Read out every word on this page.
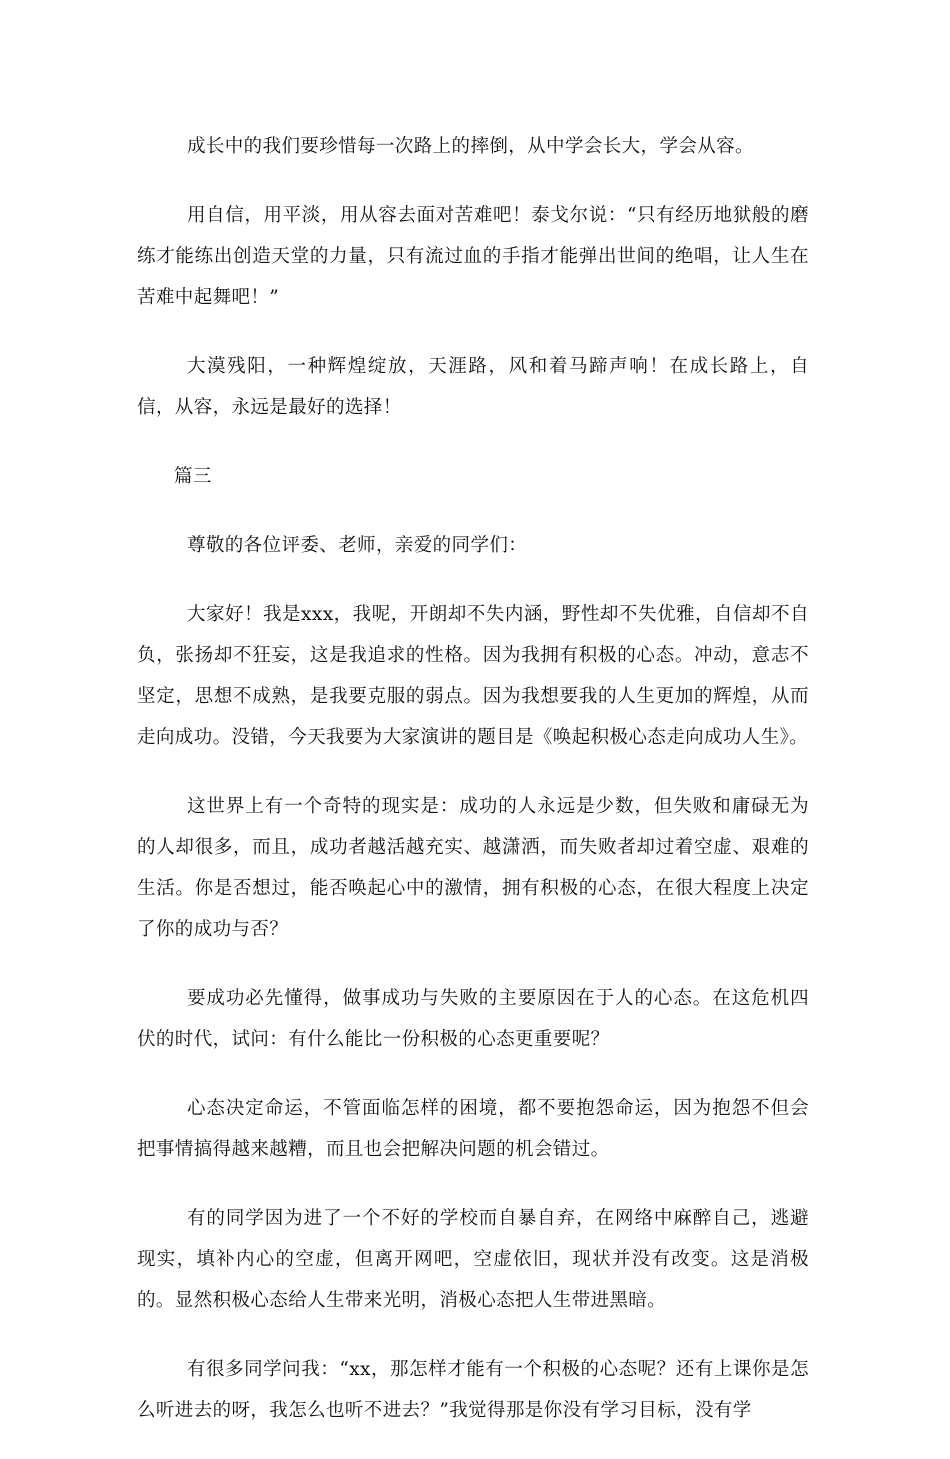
成长中的我们要珍惜每一次路上的摔倒，从中学会长大，学会从容。

用自信，用平淡，用从容去面对苦难吧！泰戈尔说：“只有经历地狱般的磨练才能练出创造天堂的力量，只有流过血的手指才能弹出世间的绝唱，让人生在苦难中起舞吧！”

大漠残阳，一种辉煌绽放，天涯路，风和着马蹄声响！在成长路上，自信，从容，永远是最好的选择！

篇三

尊敬的各位评委、老师，亲爱的同学们：

大家好！我是xxx，我呢，开朗却不失内涵，野性却不失优雅，自信却不自负，张扬却不狂妄，这是我追求的性格。因为我拥有积极的心态。冲动，意志不坚定，思想不成熟，是我要克服的弱点。因为我想要我的人生更加的辉煌，从而走向成功。没错，今天我要为大家演讲的题目是《唤起积极心态走向成功人生》。

这世界上有一个奇特的现实是：成功的人永远是少数，但失败和庸碌无为的人却很多，而且，成功者越活越充实、越潇洒，而失败者却过着空虚、艰难的生活。你是否想过，能否唤起心中的激情，拥有积极的心态，在很大程度上决定了你的成功与否？

要成功必先懂得，做事成功与失败的主要原因在于人的心态。在这危机四伏的时代，试问：有什么能比一份积极的心态更重要呢？

心态决定命运，不管面临怎样的困境，都不要抱怨命运，因为抱怨不但会把事情搞得越来越糟，而且也会把解决问题的机会错过。

有的同学因为进了一个不好的学校而自暴自弃，在网络中麻醉自己，逃避现实，填补内心的空虚，但离开网吧，空虚依旧，现状并没有改变。这是消极的。显然积极心态给人生带来光明，消极心态把人生带进黑暗。

有很多同学问我：“xx，那怎样才能有一个积极的心态呢？还有上课你是怎么听进去的呀，我怎么也听不进去？”我觉得那是你没有学习目标，没有学
